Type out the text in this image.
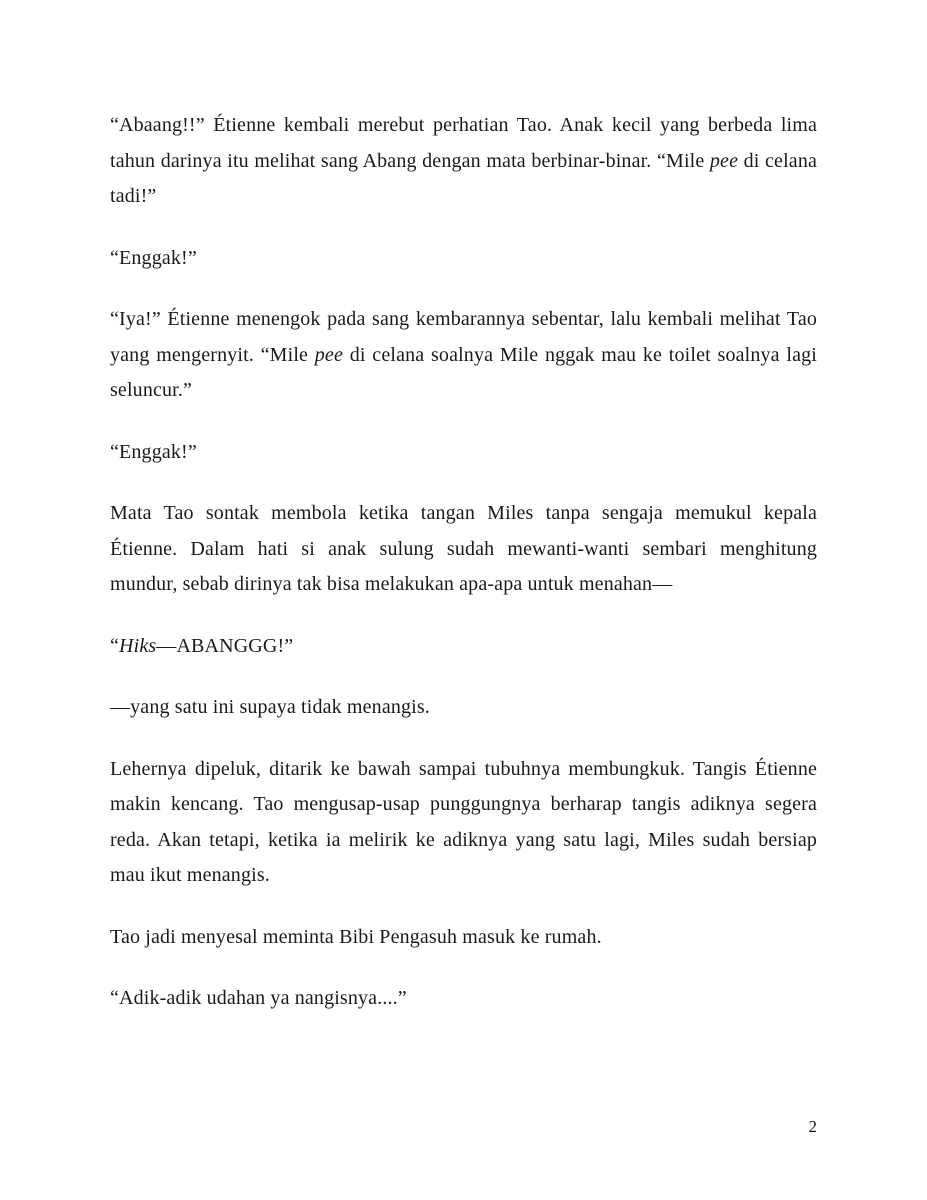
“Abaang!!” Étienne kembali merebut perhatian Tao. Anak kecil yang berbeda lima tahun darinya itu melihat sang Abang dengan mata berbinar-binar. “Mile pee di celana tadi!”

“Enggak!”

“Iya!” Étienne menengok pada sang kembarannya sebentar, lalu kembali melihat Tao yang mengernyit. “Mile pee di celana soalnya Mile nggak mau ke toilet soalnya lagi seluncur.”

“Enggak!”

Mata Tao sontak membola ketika tangan Miles tanpa sengaja memukul kepala Étienne. Dalam hati si anak sulung sudah mewanti-wanti sembari menghitung mundur, sebab dirinya tak bisa melakukan apa-apa untuk menahan—

“Hiks—ABANGGG!”

—yang satu ini supaya tidak menangis.

Lehernya dipeluk, ditarik ke bawah sampai tubuhnya membungkuk. Tangis Étienne makin kencang. Tao mengusap-usap punggungnya berharap tangis adiknya segera reda. Akan tetapi, ketika ia melirik ke adiknya yang satu lagi, Miles sudah bersiap mau ikut menangis.

Tao jadi menyesal meminta Bibi Pengasuh masuk ke rumah.

“Adik-adik udahan ya nangisnya....”

2
